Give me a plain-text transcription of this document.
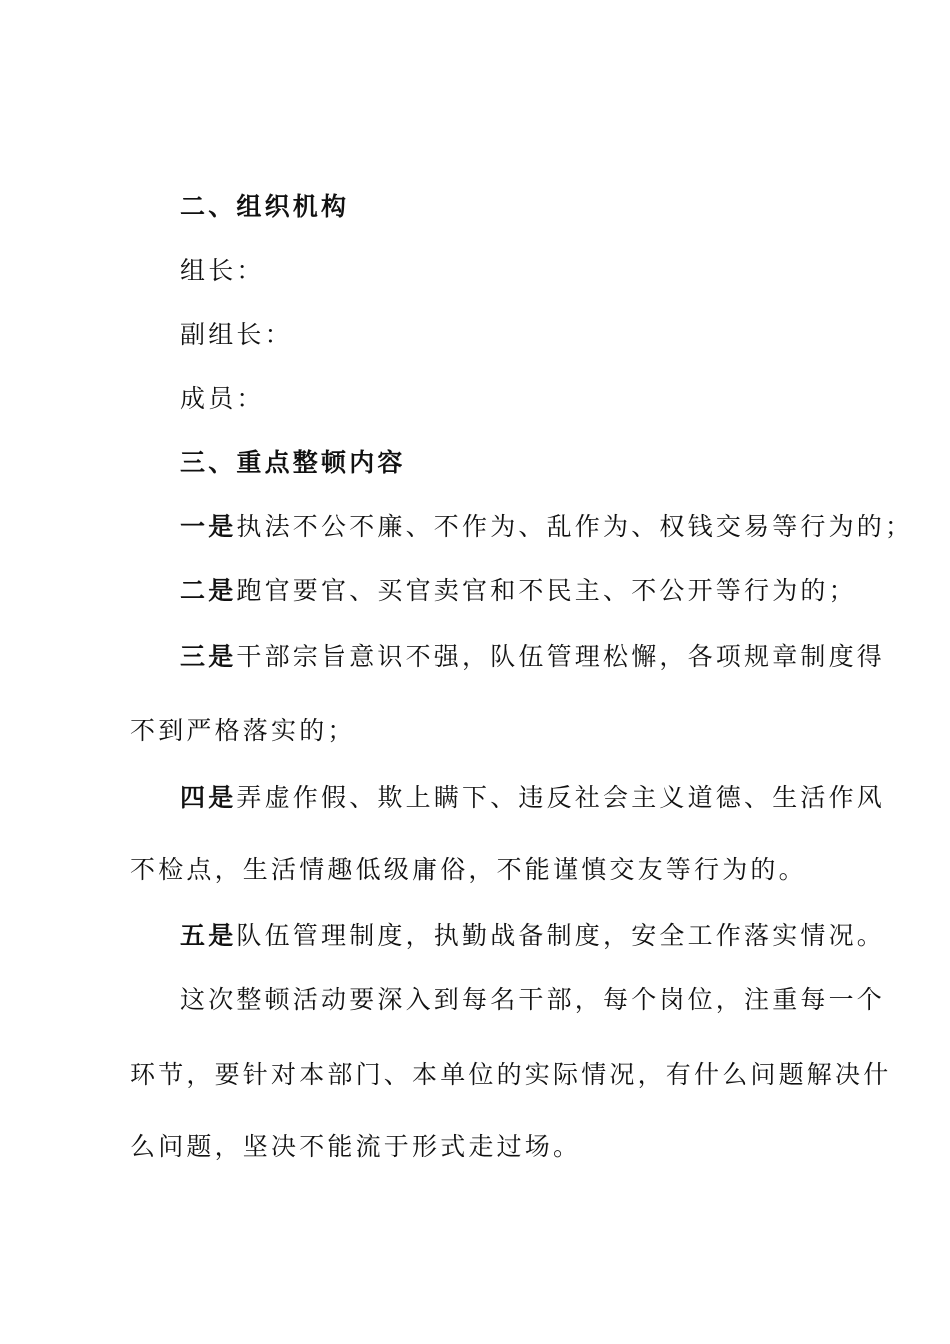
二、组织机构
组长：
副组长：
成员：
三、重点整顿内容
一是执法不公不廉、不作为、乱作为、权钱交易等行为的；
二是跑官要官、买官卖官和不民主、不公开等行为的；
三是干部宗旨意识不强，队伍管理松懈，各项规章制度得
不到严格落实的；
四是弄虚作假、欺上瞒下、违反社会主义道德、生活作风
不检点，生活情趣低级庸俗，不能谨慎交友等行为的。
五是队伍管理制度，执勤战备制度，安全工作落实情况。
这次整顿活动要深入到每名干部，每个岗位，注重每一个
环节，要针对本部门、本单位的实际情况，有什么问题解决什
么问题，坚决不能流于形式走过场。
